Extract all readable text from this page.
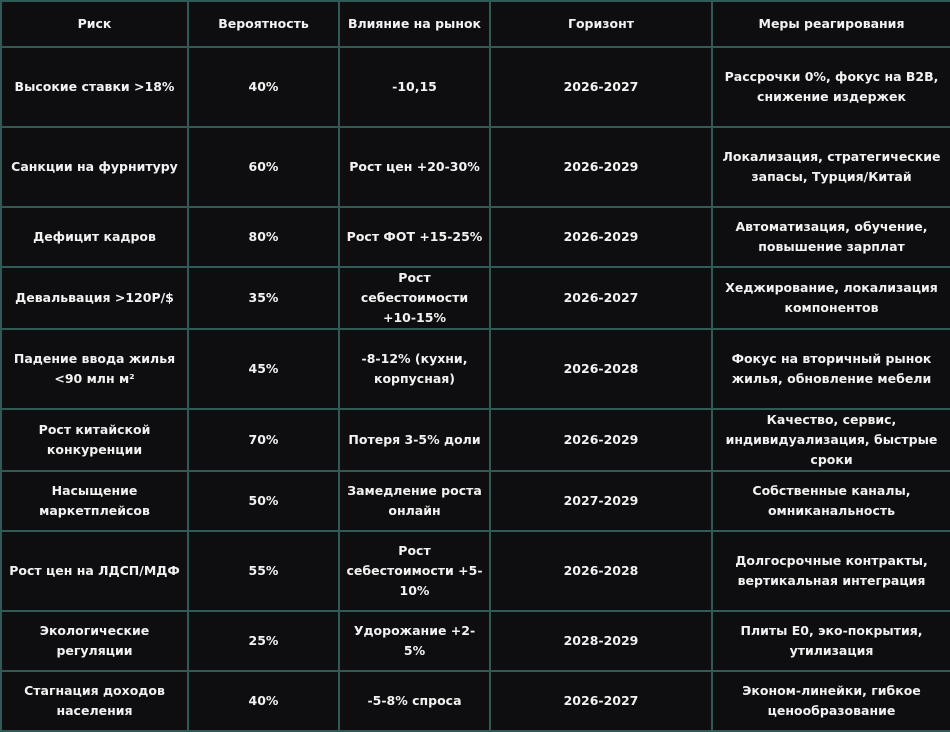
Риск	Вероятность	Влияние на рынок	Горизонт	Меры реагирования
Высокие ставки >18%	40%	-10,15	2026-2027	Рассрочки 0%, фокус на B2B, снижение издержек
Санкции на фурнитуру	60%	Рост цен +20-30%	2026-2029	Локализация, стратегические запасы, Турция/Китай
Дефицит кадров	80%	Рост ФОТ +15-25%	2026-2029	Автоматизация, обучение, повышение зарплат
Девальвация >120Р/$	35%	Рост себестоимости +10-15%	2026-2027	Хеджирование, локализация компонентов
Падение ввода жилья <90 млн м²	45%	-8-12% (кухни, корпусная)	2026-2028	Фокус на вторичный рынок жилья, обновление мебели
Рост китайской конкуренции	70%	Потеря 3-5% доли	2026-2029	Качество, сервис, индивидуализация, быстрые сроки
Насыщение маркетплейсов	50%	Замедление роста онлайн	2027-2029	Собственные каналы, омниканальность
Рост цен на ЛДСП/МДФ	55%	Рост себестоимости +5-10%	2026-2028	Долгосрочные контракты, вертикальная интеграция
Экологические регуляции	25%	Удорожание +2-5%	2028-2029	Плиты Е0, эко-покрытия, утилизация
Стагнация доходов населения	40%	-5-8% спроса	2026-2027	Эконом-линейки, гибкое ценообразование
